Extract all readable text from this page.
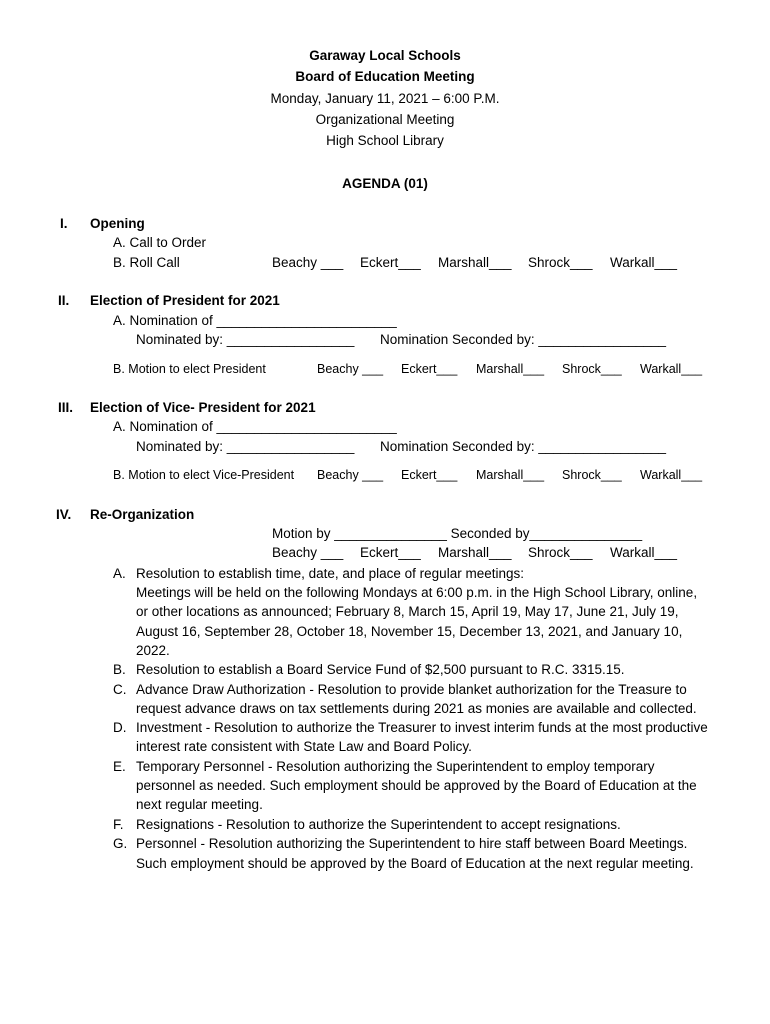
Garaway Local Schools
Board of Education Meeting
Monday, January 11, 2021 – 6:00 P.M.
Organizational Meeting
High School Library
AGENDA (01)
I. Opening
A. Call to Order
B. Roll Call	Beachy ___ Eckert___ Marshall___ Shrock___ Warkall___
II. Election of President for 2021
A. Nomination of ________________________
Nominated by: _________________ Nomination Seconded by: _________________
B. Motion to elect President	Beachy ___ Eckert___ Marshall___ Shrock___ Warkall___
III. Election of Vice- President for 2021
A. Nomination of ________________________
Nominated by: _________________ Nomination Seconded by: _________________
B. Motion to elect Vice-President Beachy ___ Eckert___ Marshall___ Shrock___ Warkall___
IV. Re-Organization
Motion by _______________ Seconded by_______________
Beachy ___ Eckert___ Marshall___ Shrock___ Warkall___
A. Resolution to establish time, date, and place of regular meetings:
Meetings will be held on the following Mondays at 6:00 p.m. in the High School Library, online,
or other locations as announced; February 8, March 15, April 19, May 17, June 21, July 19,
August 16, September 28, October 18, November 15, December 13, 2021, and January 10,
2022.
B. Resolution to establish a Board Service Fund of $2,500 pursuant to R.C. 3315.15.
C. Advance Draw Authorization - Resolution to provide blanket authorization for the Treasure to
request advance draws on tax settlements during 2021 as monies are available and collected.
D. Investment - Resolution to authorize the Treasurer to invest interim funds at the most productive
interest rate consistent with State Law and Board Policy.
E. Temporary Personnel - Resolution authorizing the Superintendent to employ temporary
personnel as needed. Such employment should be approved by the Board of Education at the
next regular meeting.
F. Resignations - Resolution to authorize the Superintendent to accept resignations.
G. Personnel - Resolution authorizing the Superintendent to hire staff between Board Meetings.
Such employment should be approved by the Board of Education at the next regular meeting.
